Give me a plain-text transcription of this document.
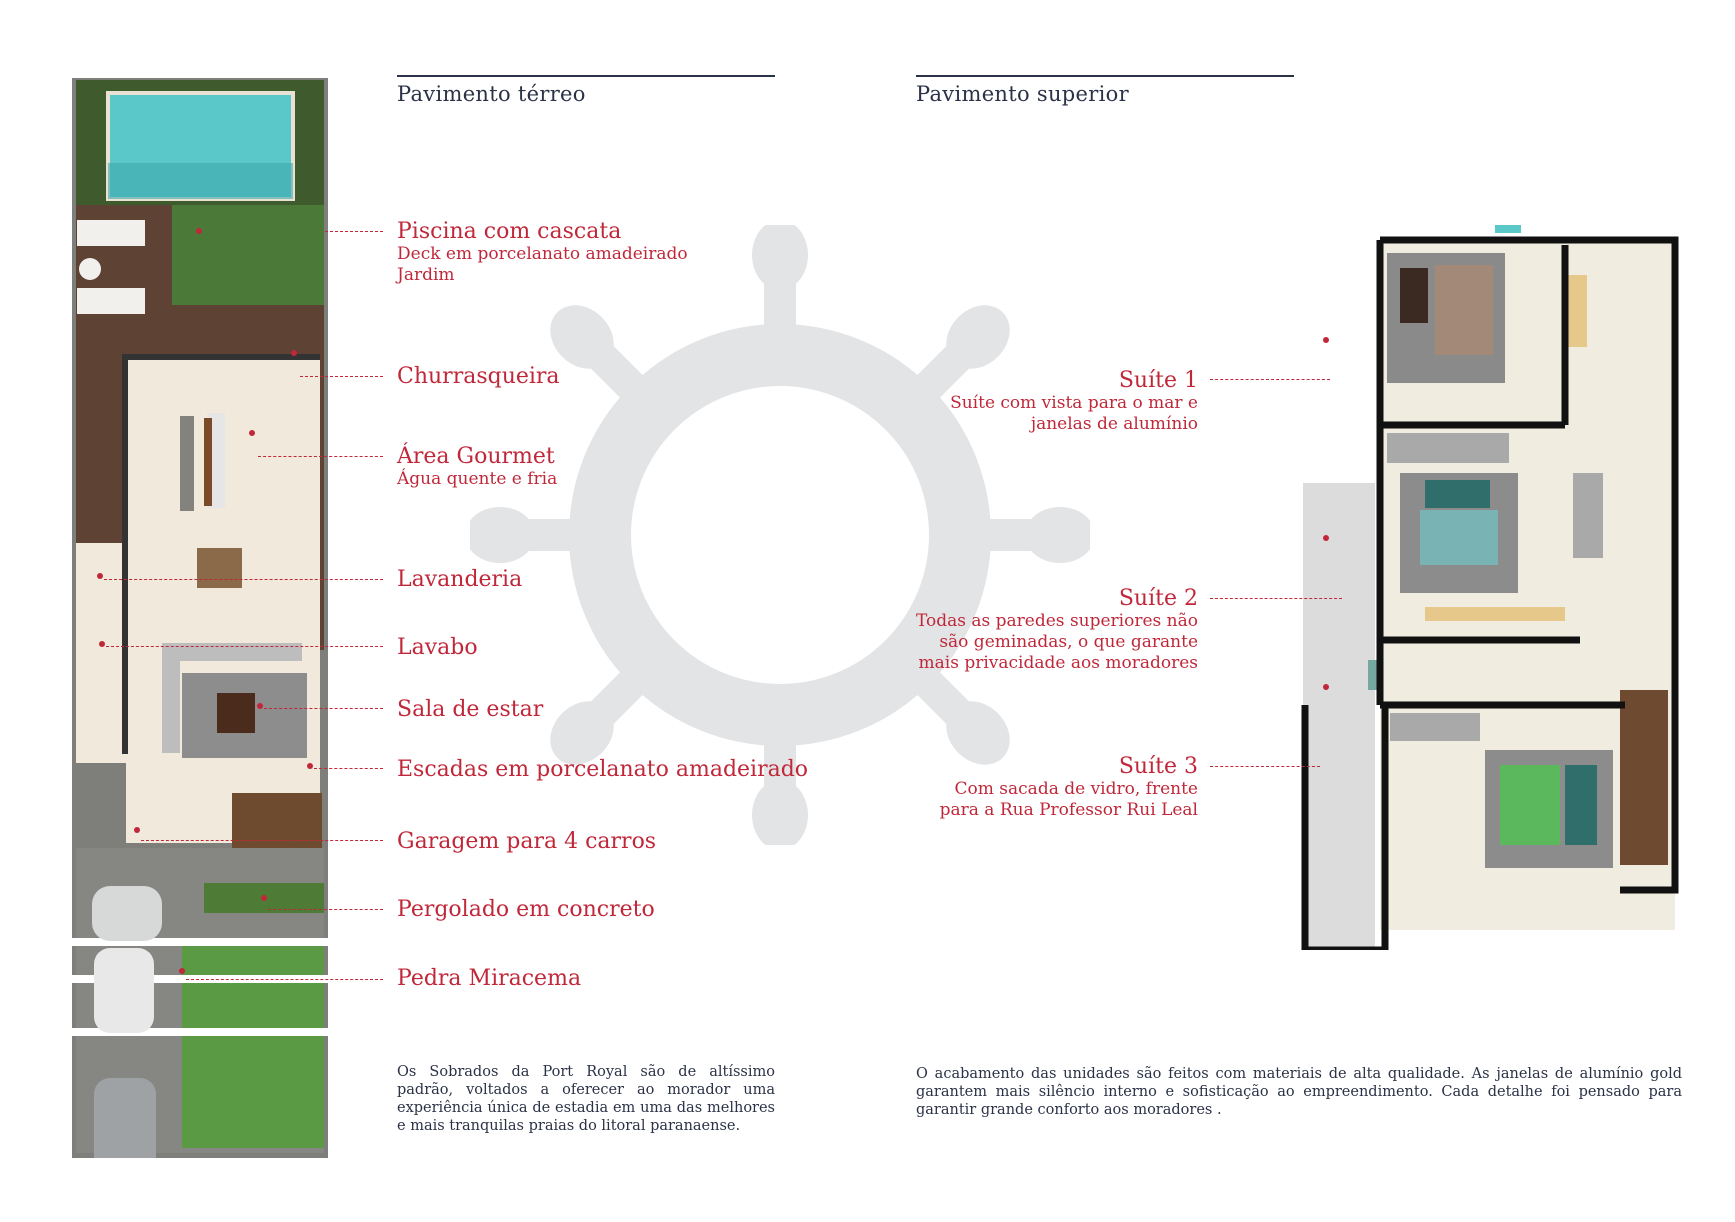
Pavimento térreo
Piscina com cascata
Deck em porcelanato amadeirado
Jardim
Churrasqueira
Área Gourmet
Água quente e fria
Lavanderia
Lavabo
Sala de estar
Escadas em porcelanato amadeirado
Garagem para 4 carros
Pergolado em concreto
Pedra Miracema
Os Sobrados da Port Royal são de altíssimo padrão, voltados a oferecer ao morador uma experiência única de estadia em uma das melhores e mais tranquilas praias do litoral paranaense.
Pavimento superior
Suíte 1
Suíte com vista para o mar e
janelas de alumínio
Suíte 2
Todas as paredes superiores não
são geminadas, o que garante
mais privacidade aos moradores
Suíte 3
Com sacada de vidro, frente
para a Rua Professor Rui Leal
O acabamento das unidades são feitos com materiais de alta qualidade. As janelas de alumínio gold garantem mais silêncio interno e sofisticação ao empreendimento. Cada detalhe foi pensado para garantir grande conforto aos moradores .
